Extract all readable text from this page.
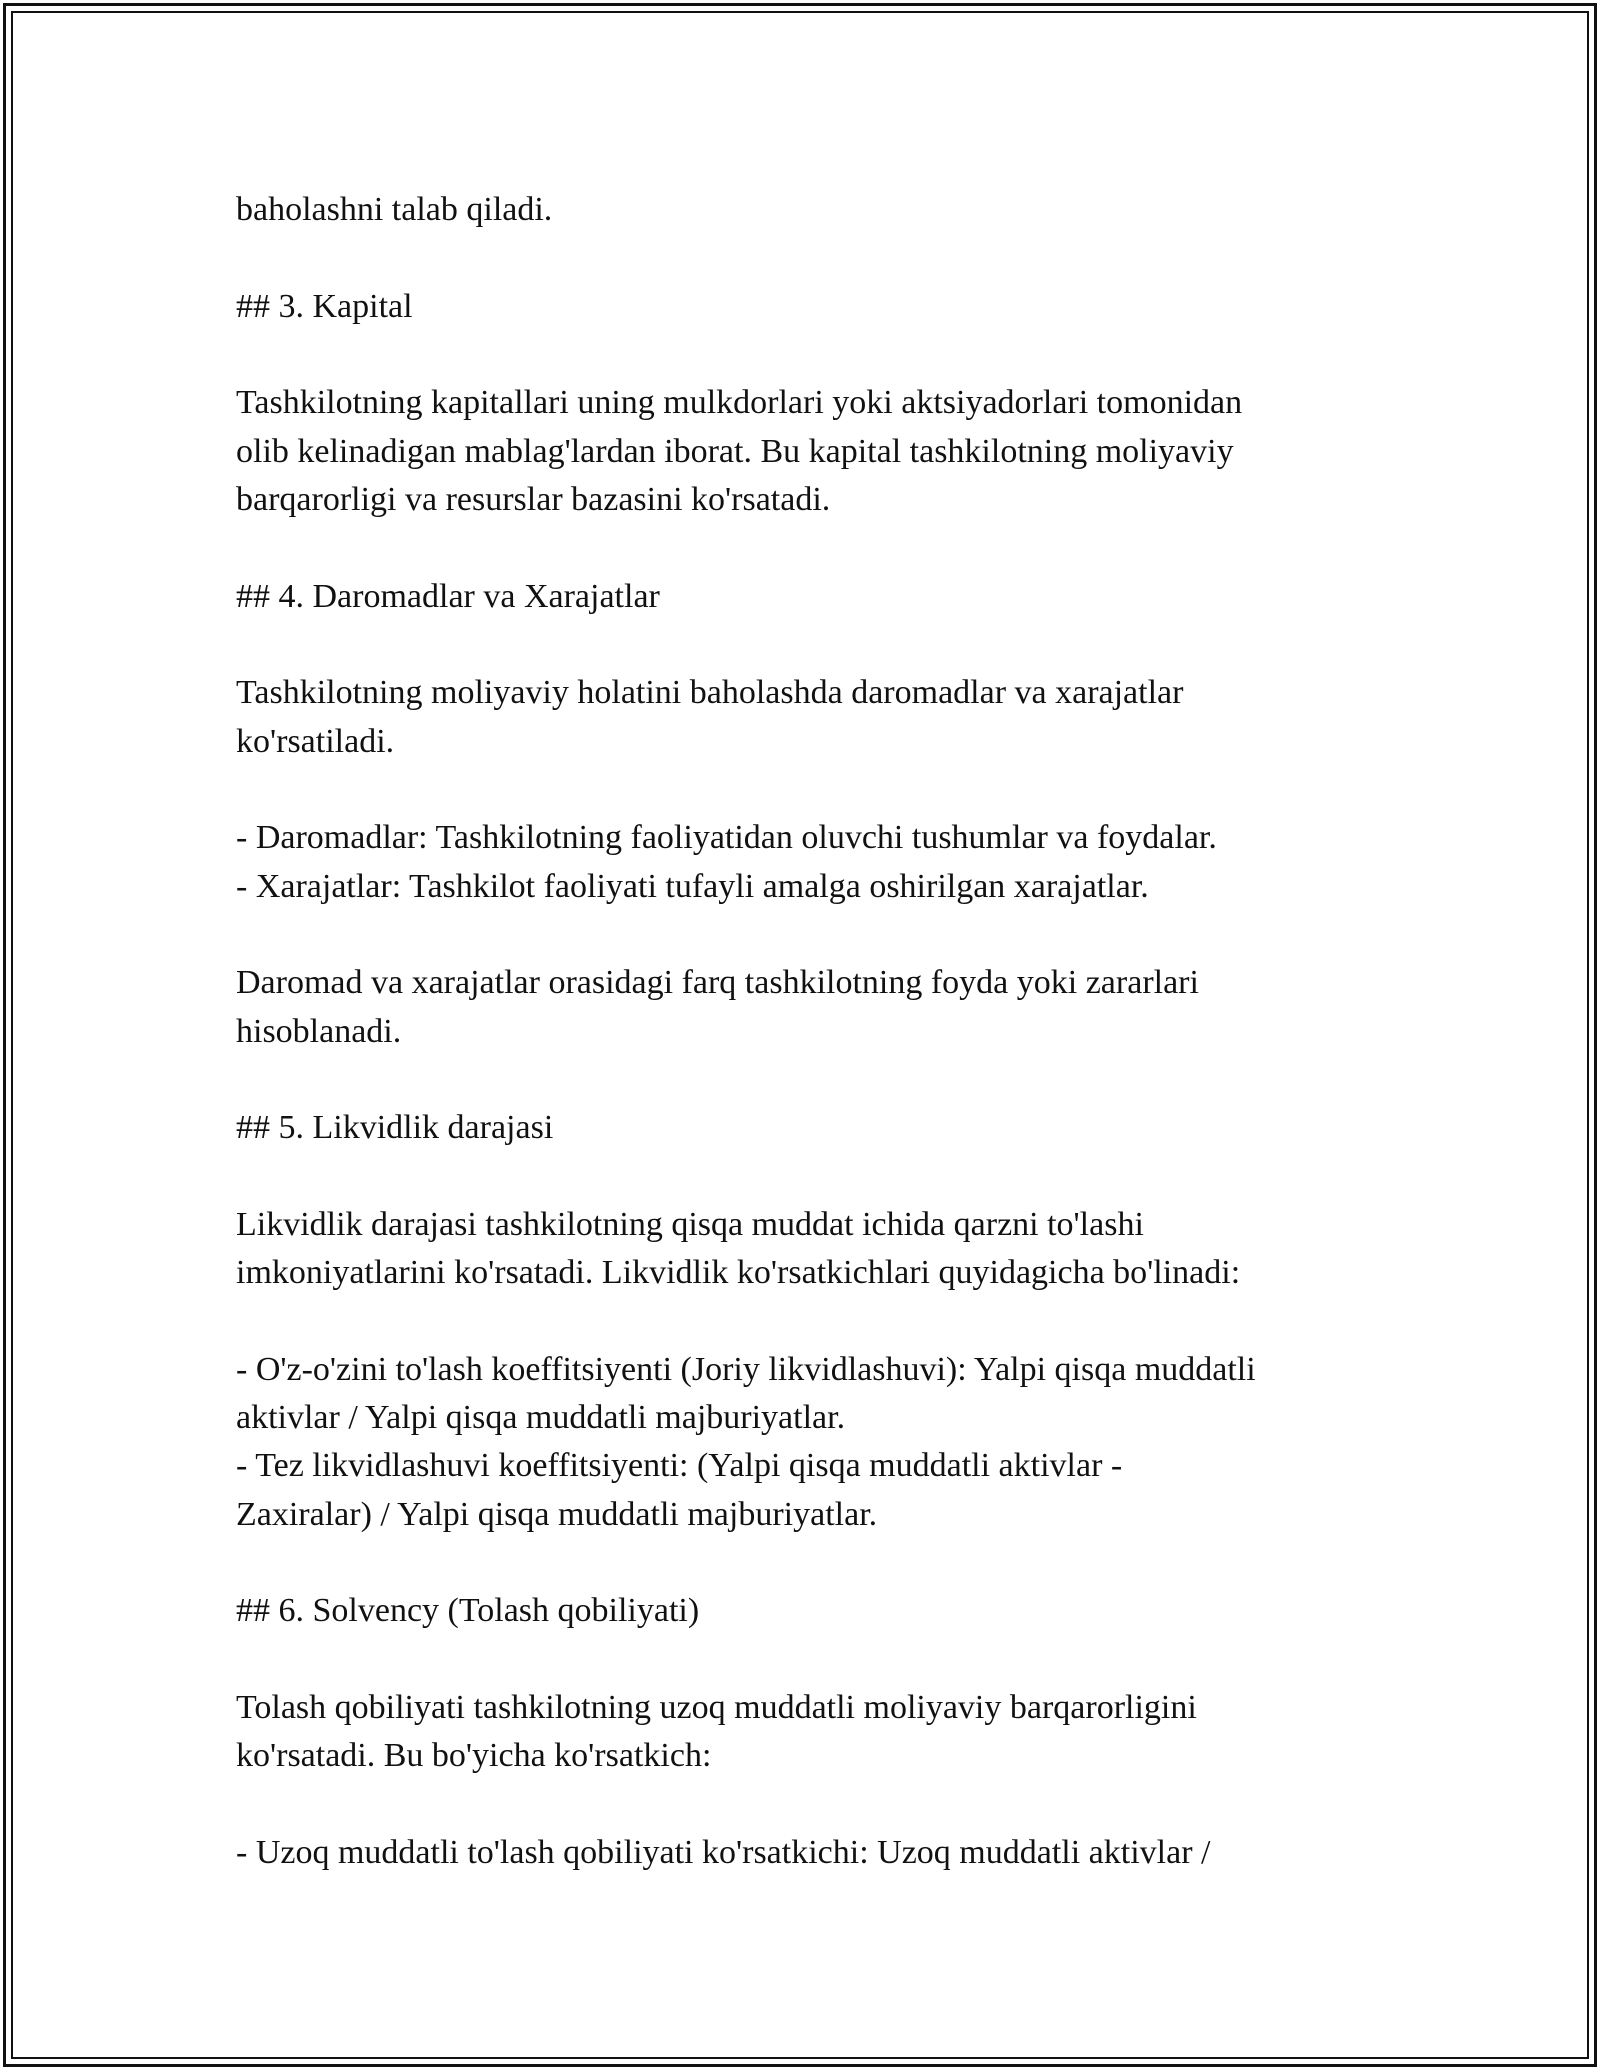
baholashni talab qiladi.
## 3. Kapital
Tashkilotning kapitallari uning mulkdorlari yoki aktsiyadorlari tomonidan
olib kelinadigan mablag'lardan iborat. Bu kapital tashkilotning moliyaviy
barqarorligi va resurslar bazasini ko'rsatadi.
## 4. Daromadlar va Xarajatlar
Tashkilotning moliyaviy holatini baholashda daromadlar va xarajatlar
ko'rsatiladi.
- Daromadlar: Tashkilotning faoliyatidan oluvchi tushumlar va foydalar.
- Xarajatlar: Tashkilot faoliyati tufayli amalga oshirilgan xarajatlar.
Daromad va xarajatlar orasidagi farq tashkilotning foyda yoki zararlari
hisoblanadi.
## 5. Likvidlik darajasi
Likvidlik darajasi tashkilotning qisqa muddat ichida qarzni to'lashi
imkoniyatlarini ko'rsatadi. Likvidlik ko'rsatkichlari quyidagicha bo'linadi:
- O'z-o'zini to'lash koeffitsiyenti (Joriy likvidlashuvi): Yalpi qisqa muddatli
aktivlar / Yalpi qisqa muddatli majburiyatlar.
- Tez likvidlashuvi koeffitsiyenti: (Yalpi qisqa muddatli aktivlar -
Zaxiralar) / Yalpi qisqa muddatli majburiyatlar.
## 6. Solvency (Tolash qobiliyati)
Tolash qobiliyati tashkilotning uzoq muddatli moliyaviy barqarorligini
ko'rsatadi. Bu bo'yicha ko'rsatkich:
- Uzoq muddatli to'lash qobiliyati ko'rsatkichi: Uzoq muddatli aktivlar /
